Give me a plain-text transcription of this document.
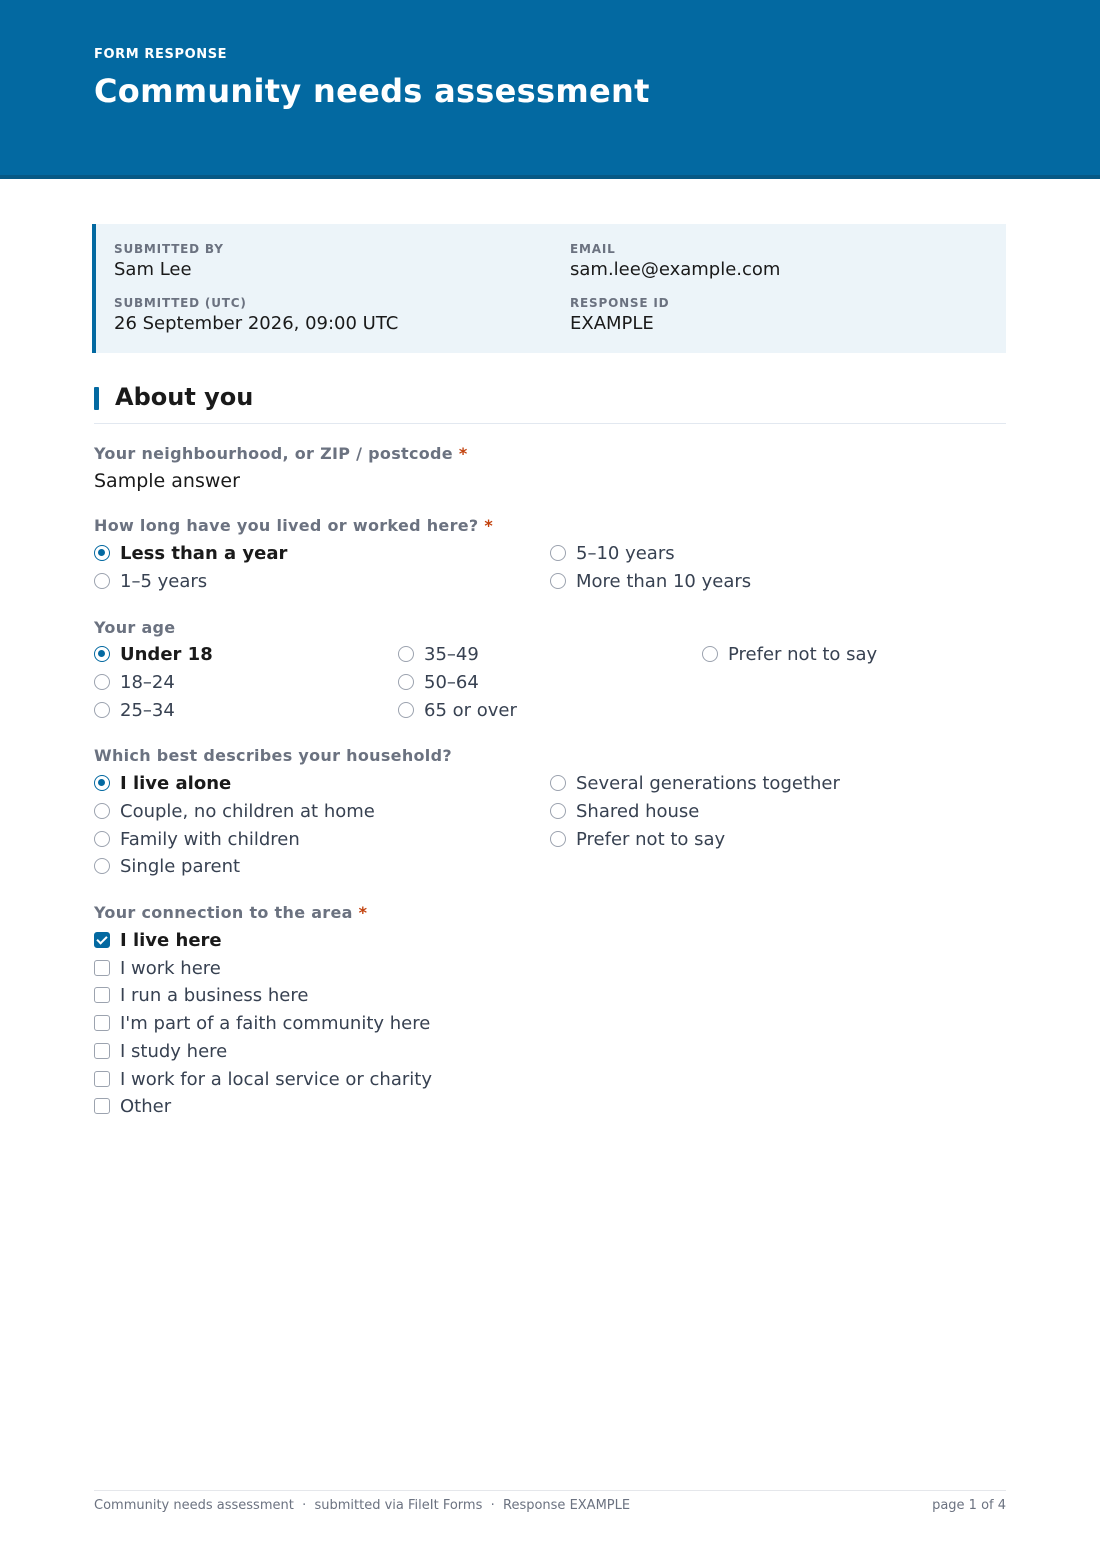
FORM RESPONSE
Community needs assessment
SUBMITTED BY
Sam Lee
EMAIL
sam.lee@example.com
SUBMITTED (UTC)
26 September 2026, 09:00 UTC
RESPONSE ID
EXAMPLE
About you
Your neighbourhood, or ZIP / postcode *
Sample answer
How long have you lived or worked here? *
Less than a year
1–5 years
5–10 years
More than 10 years
Your age
Under 18
18–24
25–34
35–49
50–64
65 or over
Prefer not to say
Which best describes your household?
I live alone
Couple, no children at home
Family with children
Single parent
Several generations together
Shared house
Prefer not to say
Your connection to the area *
I live here
I work here
I run a business here
I'm part of a faith community here
I study here
I work for a local service or charity
Other
Community needs assessment  ·  submitted via FileIt Forms  ·  Response EXAMPLE	page 1 of 4
